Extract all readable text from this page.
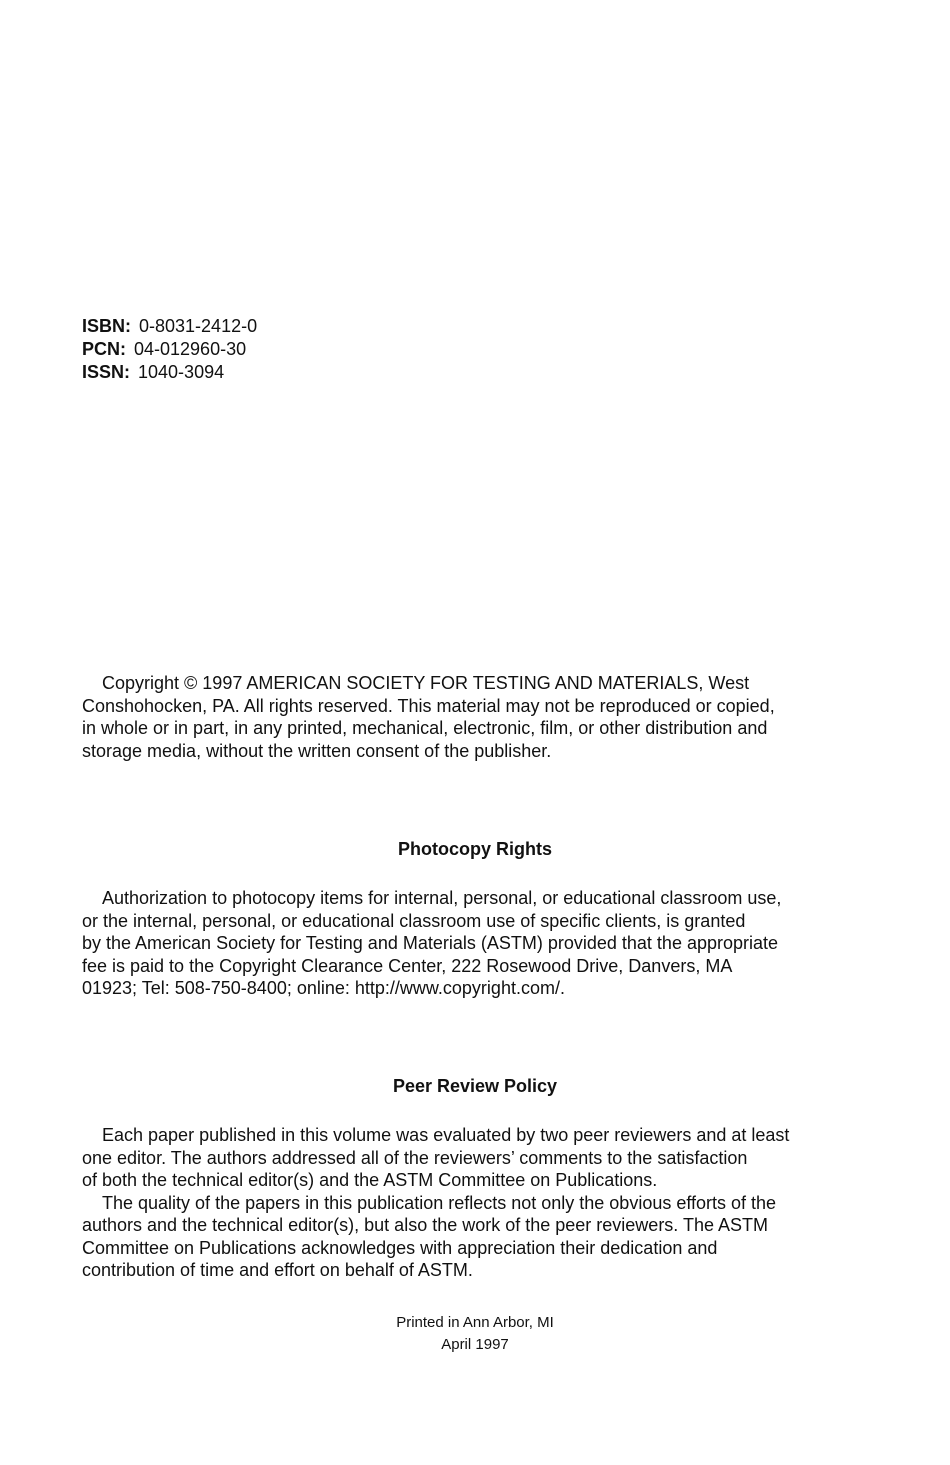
ISBN: 0-8031-2412-0
PCN: 04-012960-30
ISSN: 1040-3094
Copyright © 1997 AMERICAN SOCIETY FOR TESTING AND MATERIALS, West
Conshohocken, PA. All rights reserved. This material may not be reproduced or copied,
in whole or in part, in any printed, mechanical, electronic, film, or other distribution and
storage media, without the written consent of the publisher.
Photocopy Rights
Authorization to photocopy items for internal, personal, or educational classroom use,
or the internal, personal, or educational classroom use of specific clients, is granted
by the American Society for Testing and Materials (ASTM) provided that the appropriate
fee is paid to the Copyright Clearance Center, 222 Rosewood Drive, Danvers, MA
01923; Tel: 508-750-8400; online: http://www.copyright.com/.
Peer Review Policy
Each paper published in this volume was evaluated by two peer reviewers and at least
one editor. The authors addressed all of the reviewers’ comments to the satisfaction
of both the technical editor(s) and the ASTM Committee on Publications.
The quality of the papers in this publication reflects not only the obvious efforts of the
authors and the technical editor(s), but also the work of the peer reviewers. The ASTM
Committee on Publications acknowledges with appreciation their dedication and
contribution of time and effort on behalf of ASTM.
Printed in Ann Arbor, MI
April 1997
